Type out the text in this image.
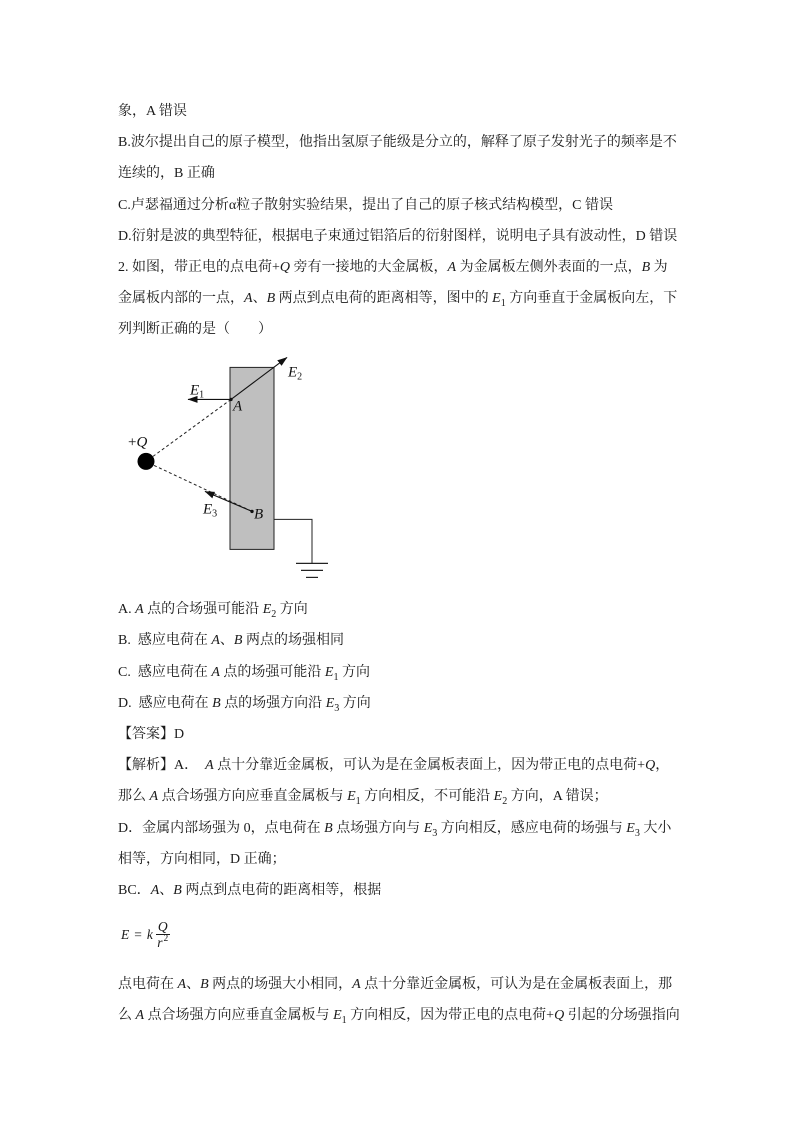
象，A 错误
B.波尔提出自己的原子模型，他指出氢原子能级是分立的，解释了原子发射光子的频率是不
连续的，B 正确
C.卢瑟福通过分析α粒子散射实验结果，提出了自己的原子核式结构模型，C 错误
D.衍射是波的典型特征，根据电子束通过铝箔后的衍射图样，说明电子具有波动性，D 错误
2. 如图，带正电的点电荷+Q 旁有一接地的大金属板，A 为金属板左侧外表面的一点，B 为
金属板内部的一点，A、B 两点到点电荷的距离相等，图中的 $E_1$ 方向垂直于金属板向左，下
列判断正确的是（　　）
+Q
A
B
$E_1$
$E_2$
$E_3$
A. A 点的合场强可能沿 $E_2$ 方向
B.  感应电荷在 A、B 两点的场强相同
C.  感应电荷在 A 点的场强可能沿 $E_1$ 方向
D.  感应电荷在 B 点的场强方向沿 $E_3$ 方向
【答案】D
【解析】A．  A 点十分靠近金属板，可认为是在金属板表面上，因为带正电的点电荷+Q，
那么 A 点合场强方向应垂直金属板与 $E_1$ 方向相反，不可能沿 $E_2$ 方向，A 错误；
D．金属内部场强为 0，点电荷在 B 点场强方向与 $E_3$ 方向相反，感应电荷的场强与 $E_3$ 大小
相等，方向相同，D 正确；
BC．A、B 两点到点电荷的距离相等，根据
E = k $\frac{Q}{r^2}$
点电荷在 A、B 两点的场强大小相同，A 点十分靠近金属板，可认为是在金属板表面上，那
么 A 点合场强方向应垂直金属板与 $E_1$ 方向相反，因为带正电的点电荷+Q 引起的分场强指向
